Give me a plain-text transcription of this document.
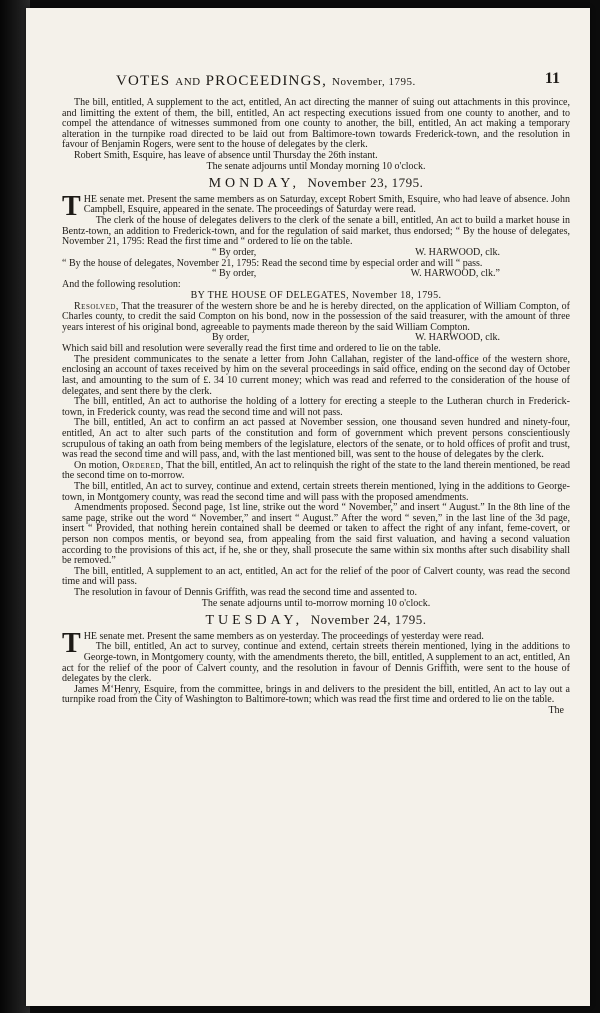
VOTES AND PROCEEDINGS, November, 1795.	11

The bill, entitled, A supplement to the act, entitled, An act directing the manner of suing out attachments in this province, and limitting the extent of them, the bill, entitled, An act respecting executions issued from one county to another, and to compel the attendance of witnesses summoned from one county to another, the bill, entitled, An act making a temporary alteration in the turnpike road directed to be laid out from Baltimore-town towards Frederick-town, and the resolution in favour of Benjamin Rogers, were sent to the house of delegates by the clerk.

Robert Smith, Esquire, has leave of absence until Thursday the 26th instant.

The senate adjourns until Monday morning 10 o'clock.

MONDAY, November 23, 1795.

THE senate met. Present the same members as on Saturday, except Robert Smith, Esquire, who had leave of absence. John Campbell, Esquire, appeared in the senate. The proceedings of Saturday were read.

The clerk of the house of delegates delivers to the clerk of the senate a bill, entitled, An act to build a market house in Bentz-town, an addition to Frederick-town, and for the regulation of said market, thus endorsed; “ By the house of delegates, November 21, 1795: Read the first time and “ ordered to lie on the table.

“ By order,	W. HARWOOD, clk.

“ By the house of delegates, November 21, 1795: Read the second time by especial order and will “ pass.

“ By order,	W. HARWOOD, clk.”

And the following resolution:

BY THE HOUSE OF DELEGATES, November 18, 1795.

Resolved, That the treasurer of the western shore be and he is hereby directed, on the application of William Compton, of Charles county, to credit the said Compton on his bond, now in the possession of the said treasurer, with the amount of three years interest of his original bond, agreeable to payments made thereon by the said William Compton.

By order,	W. HARWOOD, clk.

Which said bill and resolution were severally read the first time and ordered to lie on the table.

The president communicates to the senate a letter from John Callahan, register of the land-office of the western shore, enclosing an account of taxes received by him on the several proceedings in said office, ending on the second day of October last, and amounting to the sum of £. 34 10 current money; which was read and referred to the consideration of the house of delegates, and sent there by the clerk.

The bill, entitled, An act to authorise the holding of a lottery for erecting a steeple to the Lutheran church in Frederick-town, in Frederick county, was read the second time and will not pass.

The bill, entitled, An act to confirm an act passed at November session, one thousand seven hundred and ninety-four, entitled, An act to alter such parts of the constitution and form of government which prevent persons conscientiously scrupulous of taking an oath from being members of the legislature, electors of the senate, or to hold offices of profit and trust, was read the second time and will pass, and, with the last mentioned bill, was sent to the house of delegates by the clerk.

On motion, Ordered, That the bill, entitled, An act to relinquish the right of the state to the land therein mentioned, be read the second time on to-morrow.

The bill, entitled, An act to survey, continue and extend, certain streets therein mentioned, lying in the additions to George-town, in Montgomery county, was read the second time and will pass with the proposed amendments.

Amendments proposed. Second page, 1st line, strike out the word “ November,” and insert “ August.” In the 8th line of the same page, strike out the word “ November,” and insert “ August.” After the word “ seven,” in the last line of the 3d page, insert “ Provided, that nothing herein contained shall be deemed or taken to affect the right of any infant, feme-covert, or person non compos mentis, or beyond sea, from appealing from the said first valuation, and having a second valuation according to the provisions of this act, if he, she or they, shall prosecute the same within six months after such disability shall be removed.”

The bill, entitled, A supplement to an act, entitled, An act for the relief of the poor of Calvert county, was read the second time and will pass.

The resolution in favour of Dennis Griffith, was read the second time and assented to.

The senate adjourns until to-morrow morning 10 o'clock.

TUESDAY, November 24, 1795.

THE senate met. Present the same members as on yesterday. The proceedings of yesterday were read.

The bill, entitled, An act to survey, continue and extend, certain streets therein mentioned, lying in the additions to George-town, in Montgomery county, with the amendments thereto, the bill, entitled, A supplement to an act, entitled, An act for the relief of the poor of Calvert county, and the resolution in favour of Dennis Griffith, were sent to the house of delegates by the clerk.

James M‘Henry, Esquire, from the committee, brings in and delivers to the president the bill, entitled, An act to lay out a turnpike road from the City of Washington to Baltimore-town; which was read the first time and ordered to lie on the table.

The
